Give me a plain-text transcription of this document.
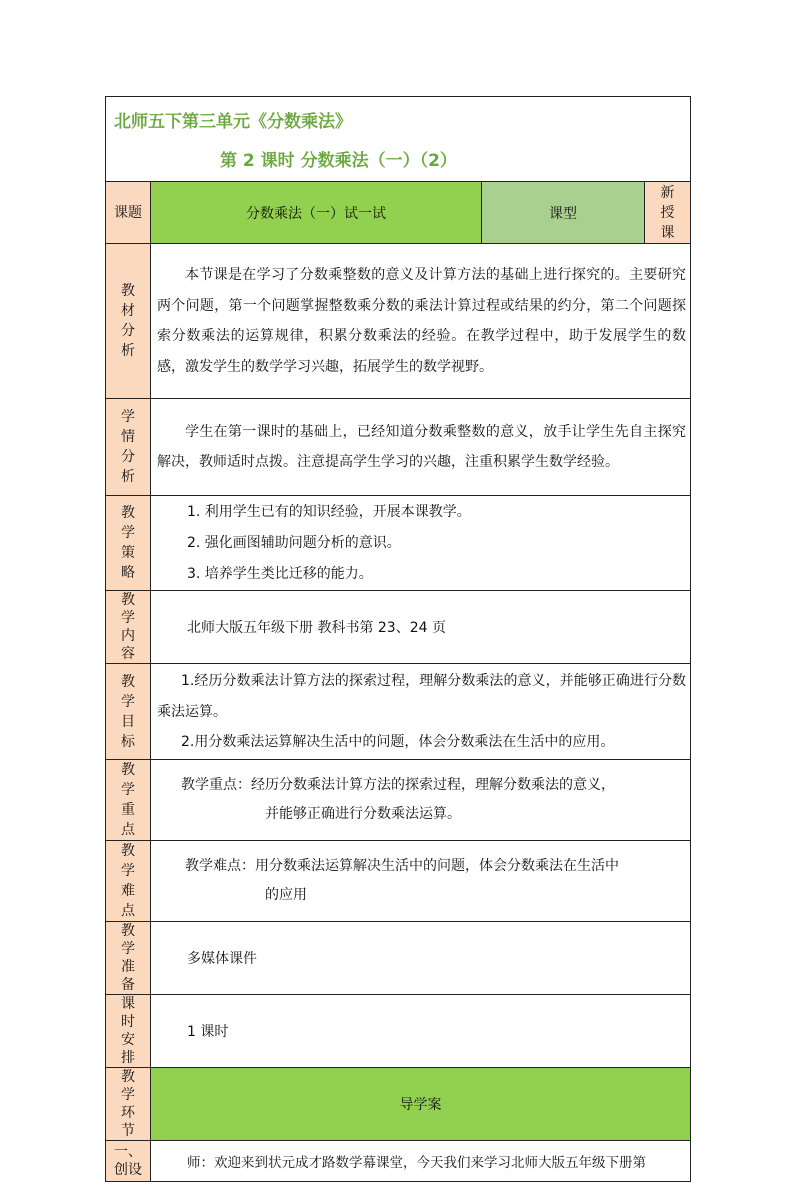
北师五下第三单元《分数乘法》
第 2 课时 分数乘法（一）（2）			

课题	分数乘法（一）试一试	课型	新授课
教材分析	本节课是在学习了分数乘整数的意义及计算方法的基础上进行探究的。主要研究两个问题，第一个问题掌握整数乘分数的乘法计算过程或结果的约分，第二个问题探索分数乘法的运算规律，积累分数乘法的经验。在教学过程中，助于发展学生的数感，激发学生的数学学习兴趣，拓展学生的数学视野。		
学情分析	学生在第一课时的基础上，已经知道分数乘整数的意义，放手让学生先自主探究解决，教师适时点拨。注意提高学生学习的兴趣，注重积累学生数学经验。		
教学策略	1. 利用学生已有的知识经验，开展本课教学。
2. 强化画图辅助问题分析的意识。
3. 培养学生类比迁移的能力。		

教学内容	北师大版五年级下册 教科书第 23、24 页		
教学目标	1.经历分数乘法计算方法的探索过程，理解分数乘法的意义，并能够正确进行分数乘法运算。
2.用分数乘法运算解决生活中的问题，体会分数乘法在生活中的应用。		

教学重点	教学重点：经历分数乘法计算方法的探索过程，理解分数乘法的意义，
并能够正确进行分数乘法运算。		

教学难点	教学难点：用分数乘法运算解决生活中的问题，体会分数乘法在生活中
的应用		

教学准备	多媒体课件		
课时安排	1 课时		
教学环节	导学案		
一、创设	师：欢迎来到状元成才路数学幕课堂，今天我们来学习北师大版五年级下册第		
